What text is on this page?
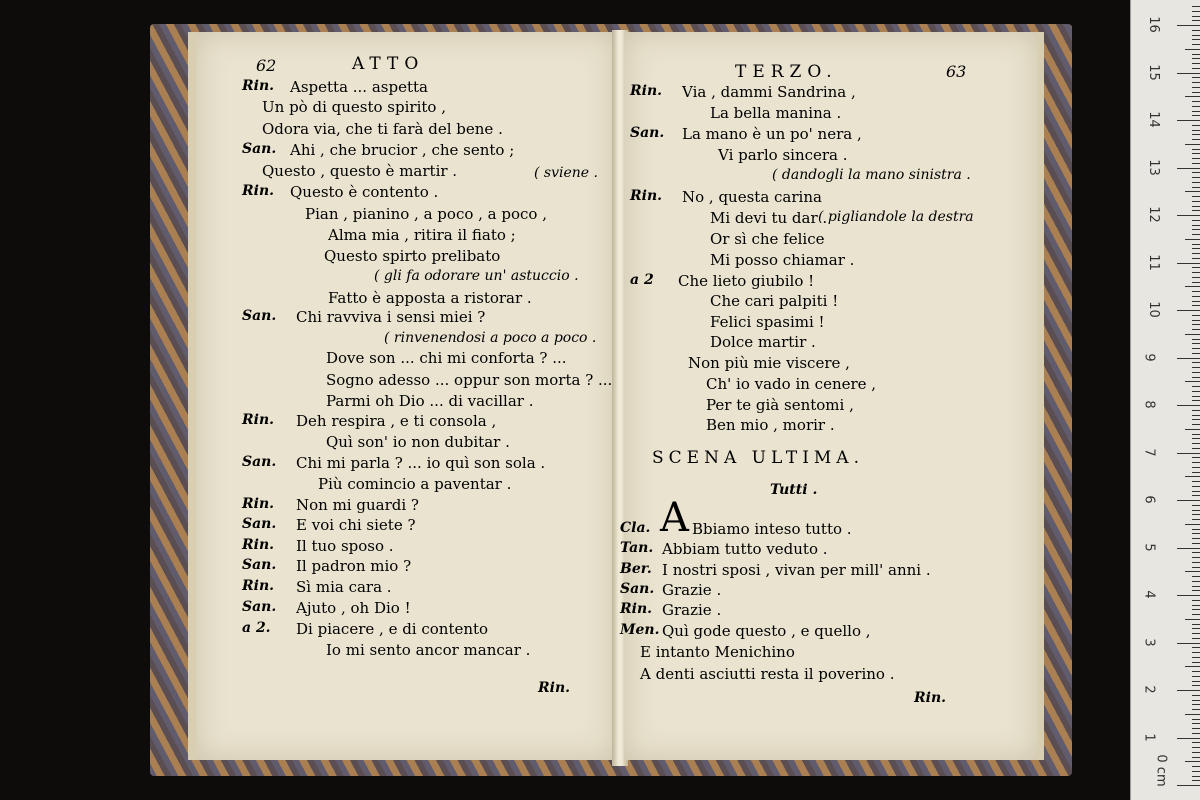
62	ATTO	TERZO.	63
Rin. Aspetta ... aspetta
Un pò di questo spirito ,
Odora via, che ti farà del bene .
San. Ahi , che brucior , che sento ;
Questo , questo è martir .
Rin. Questo è contento .
Pian , pianino , a poco , a poco ,
Alma mia , ritira il fiato ;
Questo spirto prelibato
Fatto è apposta a ristorar .
San. Chi ravviva i sensi miei ?
Dove son ... chi mi conforta ? ...
Sogno adesso ... oppur son morta ? ...
Parmi oh Dio ... di vacillar .
Rin. Deh respira , e ti consola ,
Quì son' io non dubitar .
San. Chi mi parla ? ... io quì son sola .
Più comincio a paventar .
Rin. Non mi guardi ?
San. E voi chi siete ?
Rin. Il tuo sposo .
San. Il padron mio ?
Rin. Sì mia cara .
San. Ajuto , oh Dio !
a 2. Di piacere , e di contento
Io mi sento ancor mancar .
( sviene .
( gli fa odorare un' astuccio .
( rinvenendosi a poco a poco .
Rin. Via , dammi Sandrina ,
La bella manina .
San. La mano è un po' nera ,
Vi parlo sincera .
Rin. No , questa carina
Mi devi tu dar .
Or sì che felice
Mi posso chiamar .
a 2 Che lieto giubilo !
Che cari palpiti !
Felici spasimi !
Dolce martir .
Non più mie viscere ,
Ch' io vado in cenere ,
Per te già sentomi ,
Ben mio , morir .
( dandogli la mano sinistra .
( pigliandole la destra
SCENA ULTIMA.
Tutti .
Cla. A Bbiamo inteso tutto .
Tan. Abbiam tutto veduto .
Ber. I nostri sposi , vivan per mill' anni .
San. Grazie .
Rin. Grazie .
Men. Quì gode questo , e quello ,
E intanto Menichino
A denti asciutti resta il poverino .
Rin.
Rin.
0 cm
1
2
3
4
5
6
7
8
9
10
11
12
13
14
15
16
